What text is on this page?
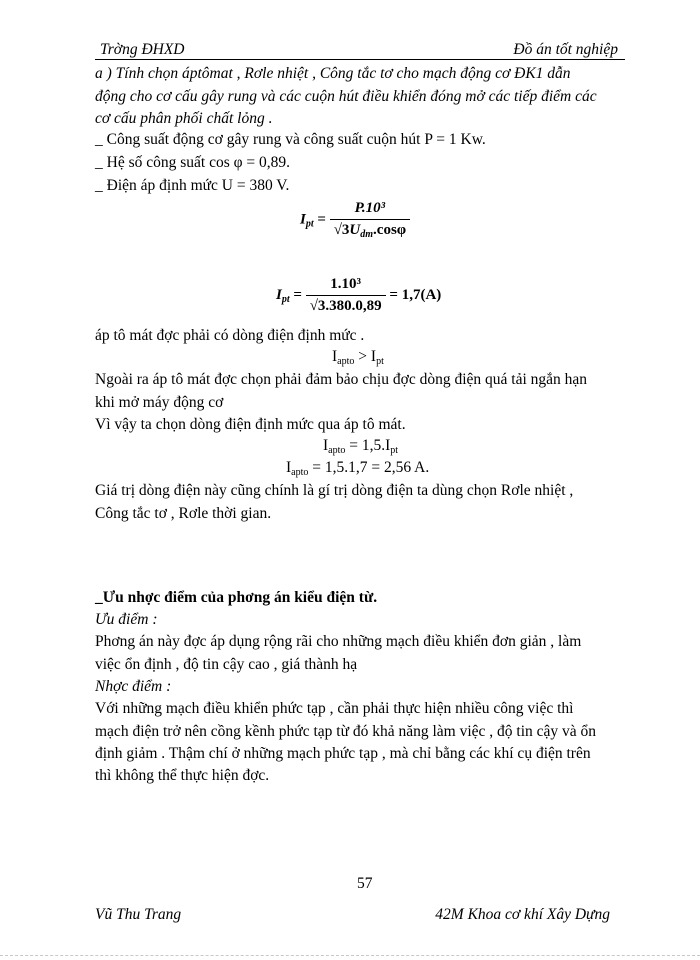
Trờng ĐHXD	Đồ án tốt nghiệp
a ) Tính chọn áptômat , Rơle nhiệt , Công tắc tơ cho mạch động cơ ĐK1 dẫn
động cho cơ cấu gây rung và các cuộn hút điều khiển đóng mở các tiếp điểm các
cơ cấu phân phối chất lỏng .
_ Công suất động cơ gây rung và công suất cuộn hút P = 1 Kw.
_ Hệ số công suất cos φ = 0,89.
_ Điện áp định mức U = 380 V.
$I_{pt} = \frac{\text{P.10³}}{√3U_{dm}.\cos\varphi}$
$I_{pt} = \frac{\text{1.10³}}{√3.380.0,89} = 1,7(A)$
áp tô mát đợc phải có dòng điện định mức .
$I_{apto} > I_{pt}$
Ngoài ra áp tô mát đợc chọn phải đảm bảo chịu đợc dòng điện quá tải ngắn hạn
khi mở máy động cơ
Vì vậy ta chọn dòng điện định mức qua áp tô mát.
$I_{apto} = 1,5.I_{pt}$
$I_{apto} = 1,5.1,7 = 2,56$ A.
Giá trị dòng điện này cũng chính là gí trị dòng điện ta dùng chọn Rơle nhiệt ,
Công tắc tơ , Rơle thời gian.
_Ưu nhợc điểm của phơng án kiểu điện từ.
Ưu điểm :
Phơng án này đợc áp dụng rộng rãi cho những mạch điều khiển đơn giản , làm
việc ổn định , độ tin cậy cao , giá thành hạ
Nhợc điểm :
Với những mạch điều khiển phức tạp , cần phải thực hiện nhiều công việc thì
mạch điện trở nên cồng kềnh phức tạp từ đó khả năng làm việc , độ tin cậy và ổn
định giảm . Thậm chí ở những mạch phức tạp , mà chỉ bằng các khí cụ điện trên
thì không thể thực hiện đợc.
57
Vũ Thu Trang	42M Khoa cơ khí Xây Dựng
